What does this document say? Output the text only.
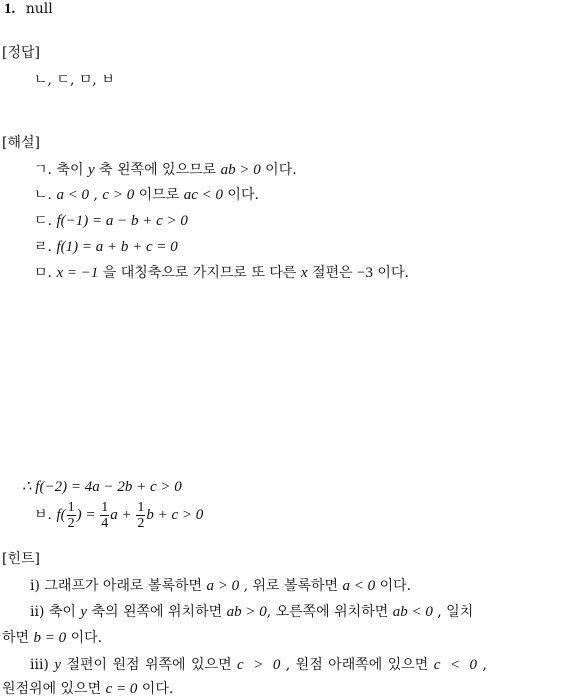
1. null
[정답]
ㄴ, ㄷ, ㅁ, ㅂ
[해설]
ㄱ. 축이 y 축 왼쪽에 있으므로 ab > 0 이다.
ㄴ. a < 0 , c > 0 이므로 ac < 0 이다.
ㄷ. f(−1) = a − b + c > 0
ㄹ. f(1) = a + b + c = 0
ㅁ. x = −1 을 대칭축으로 가지므로 또 다른 x 절편은 −3 이다.
∴ f(−2) = 4a − 2b + c > 0
ㅂ. $f( \frac{1}{2}$ ) = $\frac{1}{4}$ $a + \frac{1}{2}$ b + c > 0
[힌트]
ⅰ) 그래프가 아래로 볼록하면 a > 0 , 위로 볼록하면 a < 0 이다.
ⅱ) 축이 y 축의 왼쪽에 위치하면 ab > 0, 오른쪽에 위치하면 ab < 0 , 일치
하면 b = 0 이다.
ⅲ) y 절편이 원점 위쪽에 있으면 c  >  0 , 원점 아래쪽에 있으면 c  <  0 ,
원점위에 있으면 c = 0 이다.
